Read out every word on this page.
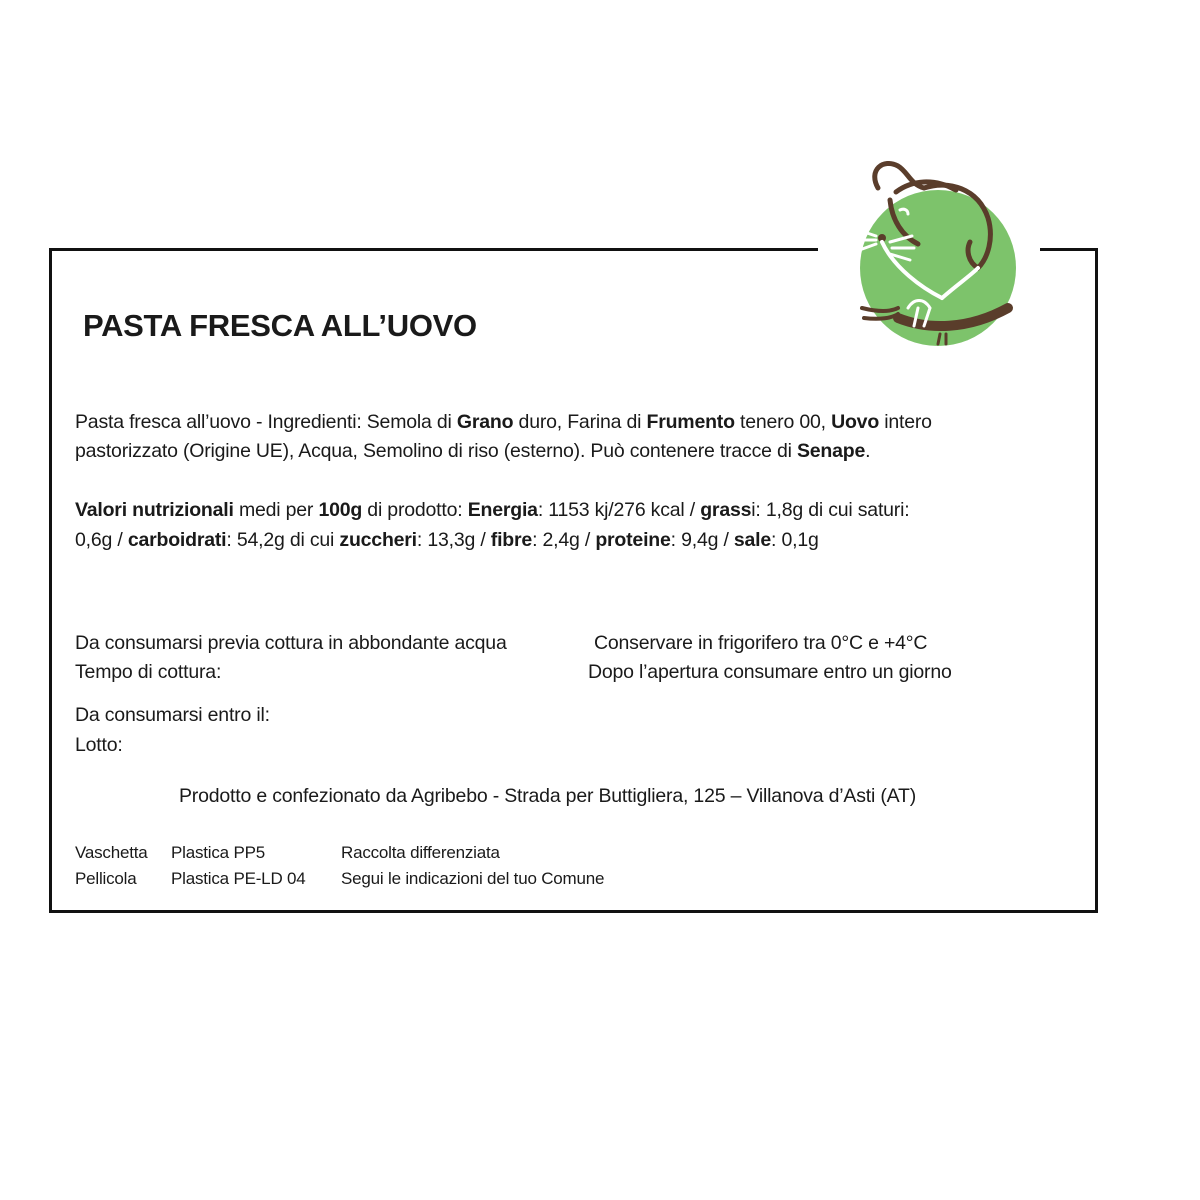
PASTA FRESCA ALL’UOVO
Pasta fresca all’uovo - Ingredienti: Semola di Grano duro, Farina di Frumento tenero 00, Uovo intero
pastorizzato (Origine UE), Acqua, Semolino di riso (esterno). Può contenere tracce di Senape.
Valori nutrizionali medi per 100g di prodotto: Energia: 1153 kj/276 kcal / grassi: 1,8g di cui saturi:
0,6g / carboidrati: 54,2g di cui zuccheri: 13,3g / fibre: 2,4g / proteine: 9,4g / sale: 0,1g
Da consumarsi previa cottura in abbondante acqua
Tempo di cottura:
Conservare in frigorifero tra 0°C e +4°C
Dopo l’apertura consumare entro un giorno
Da consumarsi entro il:
Lotto:
Prodotto e confezionato da Agribebo - Strada per Buttigliera, 125 – Villanova d’Asti (AT)
Vaschetta Plastica PP5	Raccolta differenziata
Pellicola Plastica PE-LD 04 Segui le indicazioni del tuo Comune
